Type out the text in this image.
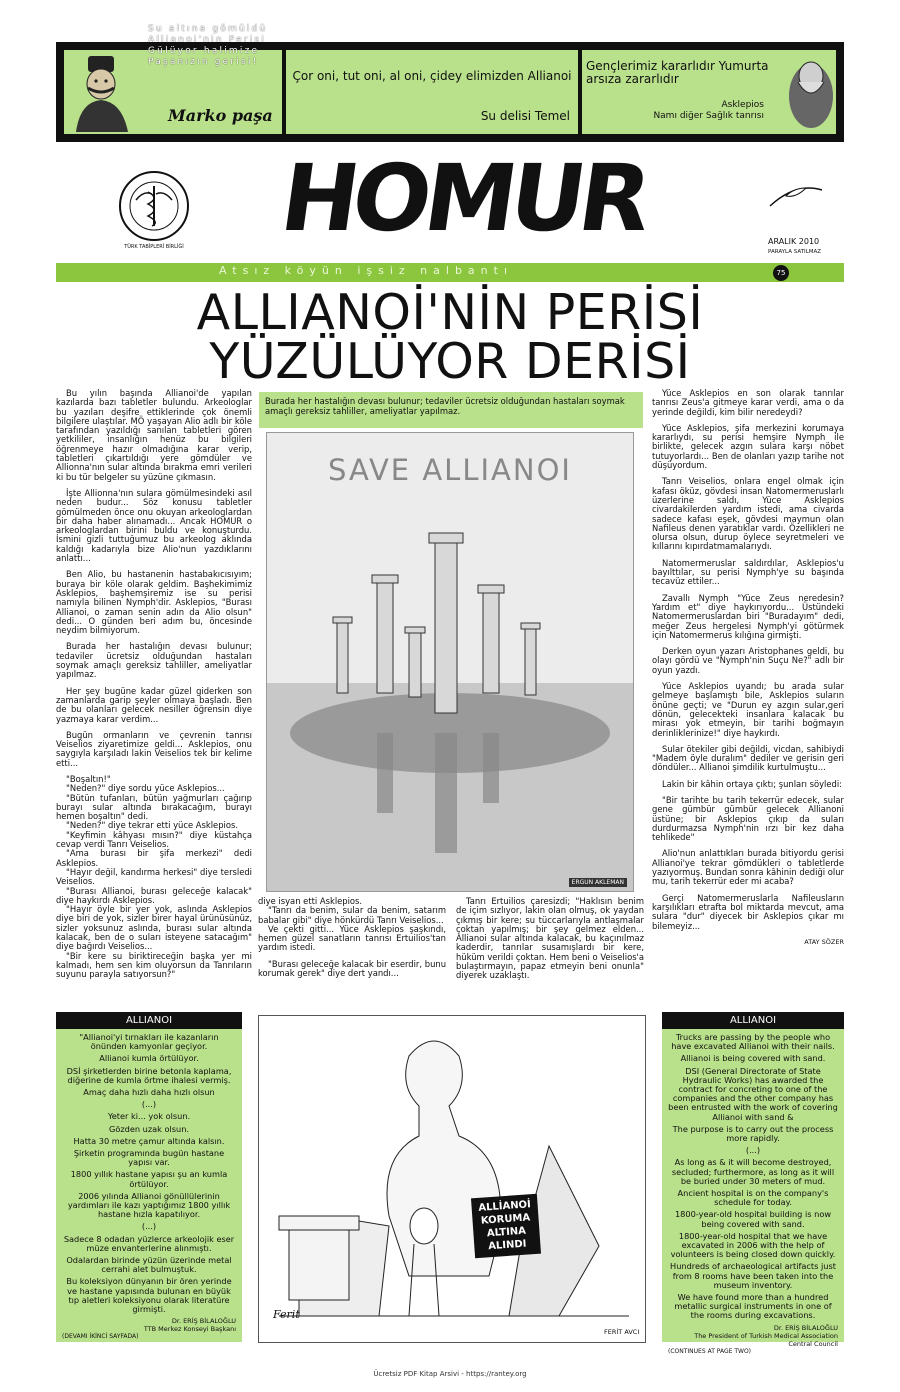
Su altına gömüldü
Allianoi'nin Perisi
Gülüyor halimize
Paşanızın gerisi!
Marko paşa
Çor oni, tut oni, al oni, çidey elimizden Allianoi
Su delisi Temel
Gençlerimiz kararlıdır Yumurta arsıza zararlıdır
Asklepios
Namı diğer Sağlık tanrısı
TÜRK TABİPLERİ BİRLİĞİ HOMUR	ARALIK 2010
PARAYLA SATILMAZ
Atsız köyün işsiz nalbantı	75
ALLIANOİ'NİN PERİSİ
YÜZÜLÜYOR DERİSİ

Bu yılın başında Allianoi'de yapılan kazılarda bazı tabletler bulundu. Arkeologlar bu yazıları deşifre ettiklerinde çok önemli bilgilere ulaştılar. MÖ yaşayan Alio adlı bir köle tarafından yazıldığı sanılan tabletleri gören yetkililer, insanlığın henüz bu bilgileri öğrenmeye hazır olmadığına karar verip, tabletleri çıkartıldığı yere gömdüler ve Allionna'nın sular altında bırakma emri verileri ki bu tür belgeler su yüzüne çıkmasın.

İşte Allionna'nın sulara gömülmesindeki asıl neden budur... Söz konusu tabletler gömülmeden önce onu okuyan arkeologlardan bir daha haber alınamadı... Ancak HOMUR o arkeologlardan birini buldu ve konuşturdu. İsmini gizli tuttuğumuz bu arkeolog aklında kaldığı kadarıyla bize Alio'nun yazdıklarını anlattı...

Ben Alio, bu hastanenin hastabakıcısıyım; buraya bir köle olarak geldim. Başhekimimiz Asklepios, başhemşiremiz ise su perisi namıyla bilinen Nymph'dir. Asklepios, "Burası Allianoi, o zaman senin adın da Alio olsun" dedi... O günden beri adım bu, öncesinde neydim bilmiyorum.

Burada her hastalığın devası bulunur; tedaviler ücretsiz olduğundan hastaları soymak amaçlı gereksiz tahliller, ameliyatlar yapılmaz.

Her şey bugüne kadar güzel giderken son zamanlarda garip şeyler olmaya başladı. Ben de bu olanları gelecek nesiller öğrensin diye yazmaya karar verdim...

Bugün ormanların ve çevrenin tanrısı Veiselios ziyaretimize geldi... Asklepios, onu saygıyla karşıladı lakin Veiselios tek bir kelime etti...

"Boşaltın!"

"Neden?" diye sordu yüce Asklepios...

"Bütün tufanları, bütün yağmurları çağırıp burayı sular altında bırakacağım, burayı hemen boşaltın" dedi.

"Neden?" diye tekrar etti yüce Asklepios.

"Keyfimin kâhyası mısın?" diye küstahça cevap verdi Tanrı Veiselios.

"Ama burası bir şifa merkezi" dedi Asklepios.

"Hayır değil, kandırma herkesi" diye tersledi Veiselios.

"Burası Allianoi, burası geleceğe kalacak" diye haykırdı Asklepios.

"Hayır öyle bir yer yok, aslında Asklepios diye biri de yok, sizler birer hayal ürünüsünüz, sizler yoksunuz aslında, burası sular altında kalacak, ben de o suları isteyene satacağım" diye bağırdı Veiselios...

"Bir kere su biriktireceğin başka yer mi kalmadı, hem sen kim oluyorsun da Tanrıların suyunu parayla satıyorsun?"

Burada her hastalığın devası bulunur; tedaviler ücretsiz olduğundan hastaları soymak amaçlı gereksiz tahliller, ameliyatlar yapılmaz.
SAVE ALLIANOI
ERGUN AKLEMAN

diye isyan etti Asklepios.

"Tanrı da benim, sular da benim, satarım babalar gibi" diye hönkürdü Tanrı Veiselios...

Ve çekti gitti... Yüce Asklepios şaşkındı, hemen güzel sanatların tanrısı Ertuilios'tan yardım istedi.

"Burası geleceğe kalacak bir eserdir, bunu korumak gerek" diye dert yandı...

Tanrı Ertuilios çaresizdi; "Haklısın benim de içim sızlıyor, lakin olan olmuş, ok yaydan çıkmış bir kere; su tüccarlarıyla antlaşmalar çoktan yapılmış; bir şey gelmez elden... Allianoi sular altında kalacak, bu kaçınılmaz kaderdir, tanrılar susamışlardı bir kere, hüküm verildi çoktan. Hem beni o Veiselios'a bulaştırmayın, papaz etmeyin beni onunla" diyerek uzaklaştı.

Yüce Asklepios en son olarak tanrılar tanrısı Zeus'a gitmeye karar verdi, ama o da yerinde değildi, kim bilir neredeydi?

Yüce Asklepios, şifa merkezini korumaya kararlıydı, su perisi hemşire Nymph ile birlikte, gelecek azgın sulara karşı nöbet tutuyorlardı... Ben de olanları yazıp tarihe not düşüyordum.

Tanrı Veiselios, onlara engel olmak için kafası öküz, gövdesi insan Natomermeruslarlı üzerlerine saldı, Yüce Asklepios civardakilerden yardım istedi, ama civarda sadece kafası eşek, gövdesi maymun olan Nafileus denen yaratıklar vardı. Özellikleri ne olursa olsun, durup öylece seyretmeleri ve kıllarını kıpırdatmamalarıydı.

Natomermeruslar saldırdılar, Asklepios'u bayılttılar, su perisi Nymph'ye su başında tecavüz ettiler...

Zavallı Nymph "Yüce Zeus neredesin? Yardım et" diye haykırıyordu... Üstündeki Natomermeruslardan biri "Buradayım" dedi, meğer Zeus hergelesi Nymph'yi götürmek için Natomermerus kılığına girmişti.

Derken oyun yazarı Aristophanes geldi, bu olayı gördü ve "Nymph'nin Suçu Ne?" adlı bir oyun yazdı.

Yüce Asklepios uyandı; bu arada sular gelmeye başlamıştı bile, Asklepios suların önüne geçti; ve "Durun ey azgın sular,geri dönün, gelecekteki insanlara kalacak bu mirası yok etmeyin, bir tarihi boğmayın derinliklerinize!" diye haykırdı.

Sular öteki̇ler gibi değildi, vicdan, sahibiydi "Madem öyle duralım" dediler ve gerisin geri döndüler... Allianoi şimdilik kurtulmuştu...

Lakin bir kâhin ortaya çıktı; şunları söyledi:

"Bir tarihte bu tarih tekerrür edecek, sular gene gümbür gümbür gelecek Allianoni üstüne; bir Asklepios çıkıp da suları durdurmazsa Nymph'nin ırzı bir kez daha tehlikede"

Alio'nun anlattıkları burada bitiyordu gerisi Allianoi'ye tekrar gömdükleri o tabletlerde yazıyormuş. Bundan sonra kâhinin dediği olur mu, tarih tekerrür eder mi acaba?

Gerçi Natomermeruslarla Nafileusların karşılıkları etrafta bol miktarda mevcut, ama sulara "dur" diyecek bir Asklepios çıkar mı bilemeyiz...

ATAY SÖZER
ALLIANOI

"Allianoi'yi tırnakları ile kazanların önünden kamyonlar geçiyor.

Allianoi kumla örtülüyor.

DSİ şirketlerden birine betonla kaplama, diğerine de kumla örtme ihalesi vermiş.

Amaç daha hızlı daha hızlı olsun

(...)

Yeter ki... yok olsun.

Gözden uzak olsun.

Hatta 30 metre çamur altında kalsın.

Şirketin programında bugün hastane yapısı var.

1800 yıllık hastane yapısı şu an kumla örtülüyor.

2006 yılında Allianoi gönüllülerinin yardımları ile kazı yaptığımız 1800 yıllık hastane hızla kapatılıyor.

(...)

Sadece 8 odadan yüzlerce arkeolojik eser müze envanterlerine alınmıştı.

Odalardan birinde yüzün üzerinde metal cerrahi alet bulmuştuk.

Bu koleksiyon dünyanın bir ören yerinde ve hastane yapısında bulunan en büyük tıp aletleri koleksiyonu olarak literatüre girmişti.

Dr. ERİŞ BİLALOĞLU
TTB Merkez Konseyi Başkanı
(DEVAMI İKİNCİ SAYFADA)
ALLİANOİ
KORUMA
ALTINA
ALINDI
Ferit
FERİT AVCI
ALLIANOI

Trucks are passing by the people who have excavated Allianoi with their nails.

Allianoi is being covered with sand.

DSI (General Directorate of State Hydraulic Works) has awarded the contract for concreting to one of the companies and the other company has been entrusted with the work of covering Allianoi with sand &

The purpose is to carry out the process more rapidly.

(...)

As long as & it will become destroyed, secluded; furthermore, as long as it will be buried under 30 meters of mud.

Ancient hospital is on the company's schedule for today.

1800-year-old hospital building is now being covered with sand.

1800-year-old hospital that we have excavated in 2006 with the help of volunteers is being closed down quickly.

Hundreds of archaeological artifacts just from 8 rooms have been taken into the museum inventory.

We have found more than a hundred metallic surgical instruments in one of the rooms during excavations.

Dr. ERİŞ BİLALOĞLU
The President of Turkish Medical Association
Central Council
(CONTINUES AT PAGE TWO)
Ücretsiz PDF Kitap Arsivi - https://rantey.org
